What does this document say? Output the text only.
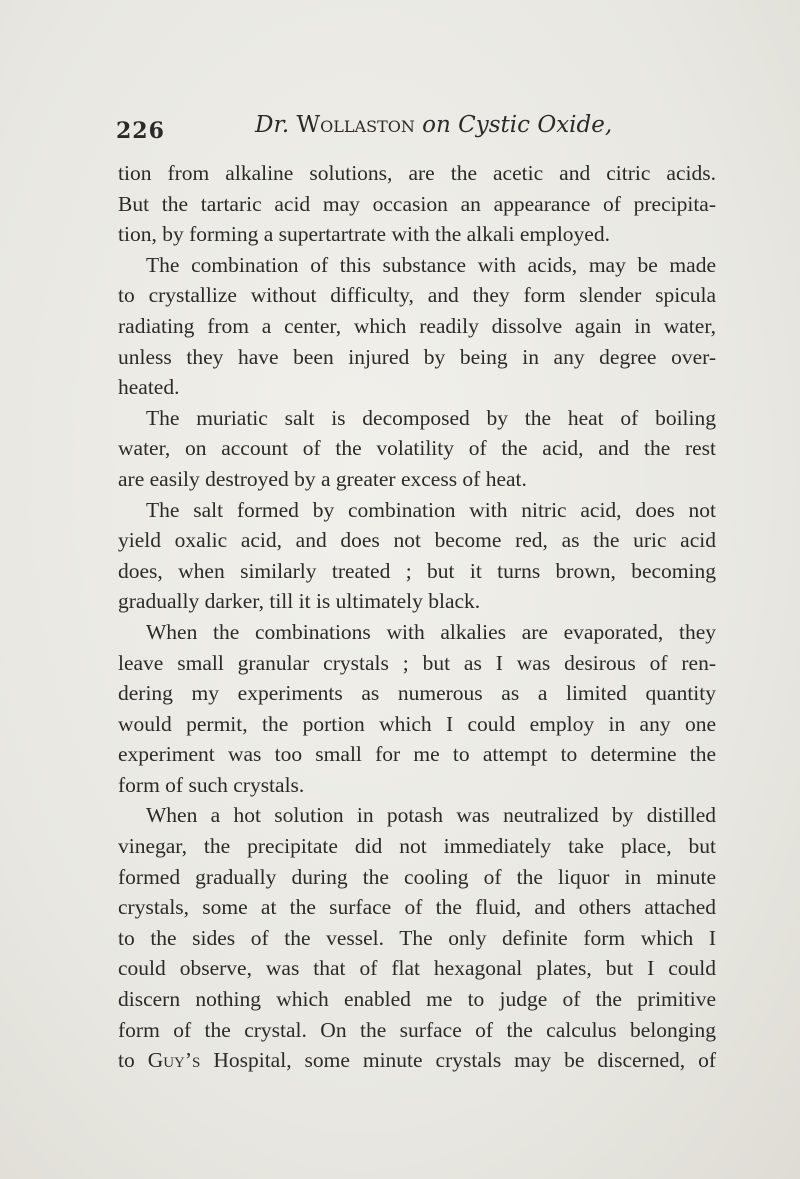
226	Dr. Wollaston on Cystic Oxide,
tion from alkaline solutions, are the acetic and citric acids.
But the tartaric acid may occasion an appearance of precipita-
tion, by forming a supertartrate with the alkali employed.
The combination of this substance with acids, may be made
to crystallize without difficulty, and they form slender spicula
radiating from a center, which readily dissolve again in water,
unless they have been injured by being in any degree over-
heated.
The muriatic salt is decomposed by the heat of boiling
water, on account of the volatility of the acid, and the rest
are easily destroyed by a greater excess of heat.
The salt formed by combination with nitric acid, does not
yield oxalic acid, and does not become red, as the uric acid
does, when similarly treated ; but it turns brown, becoming
gradually darker, till it is ultimately black.
When the combinations with alkalies are evaporated, they
leave small granular crystals ; but as I was desirous of ren-
dering my experiments as numerous as a limited quantity
would permit, the portion which I could employ in any one
experiment was too small for me to attempt to determine the
form of such crystals.
When a hot solution in potash was neutralized by distilled
vinegar, the precipitate did not immediately take place, but
formed gradually during the cooling of the liquor in minute
crystals, some at the surface of the fluid, and others attached
to the sides of the vessel. The only definite form which I
could observe, was that of flat hexagonal plates, but I could
discern nothing which enabled me to judge of the primitive
form of the crystal. On the surface of the calculus belonging
to Guy’s Hospital, some minute crystals may be discerned, of
